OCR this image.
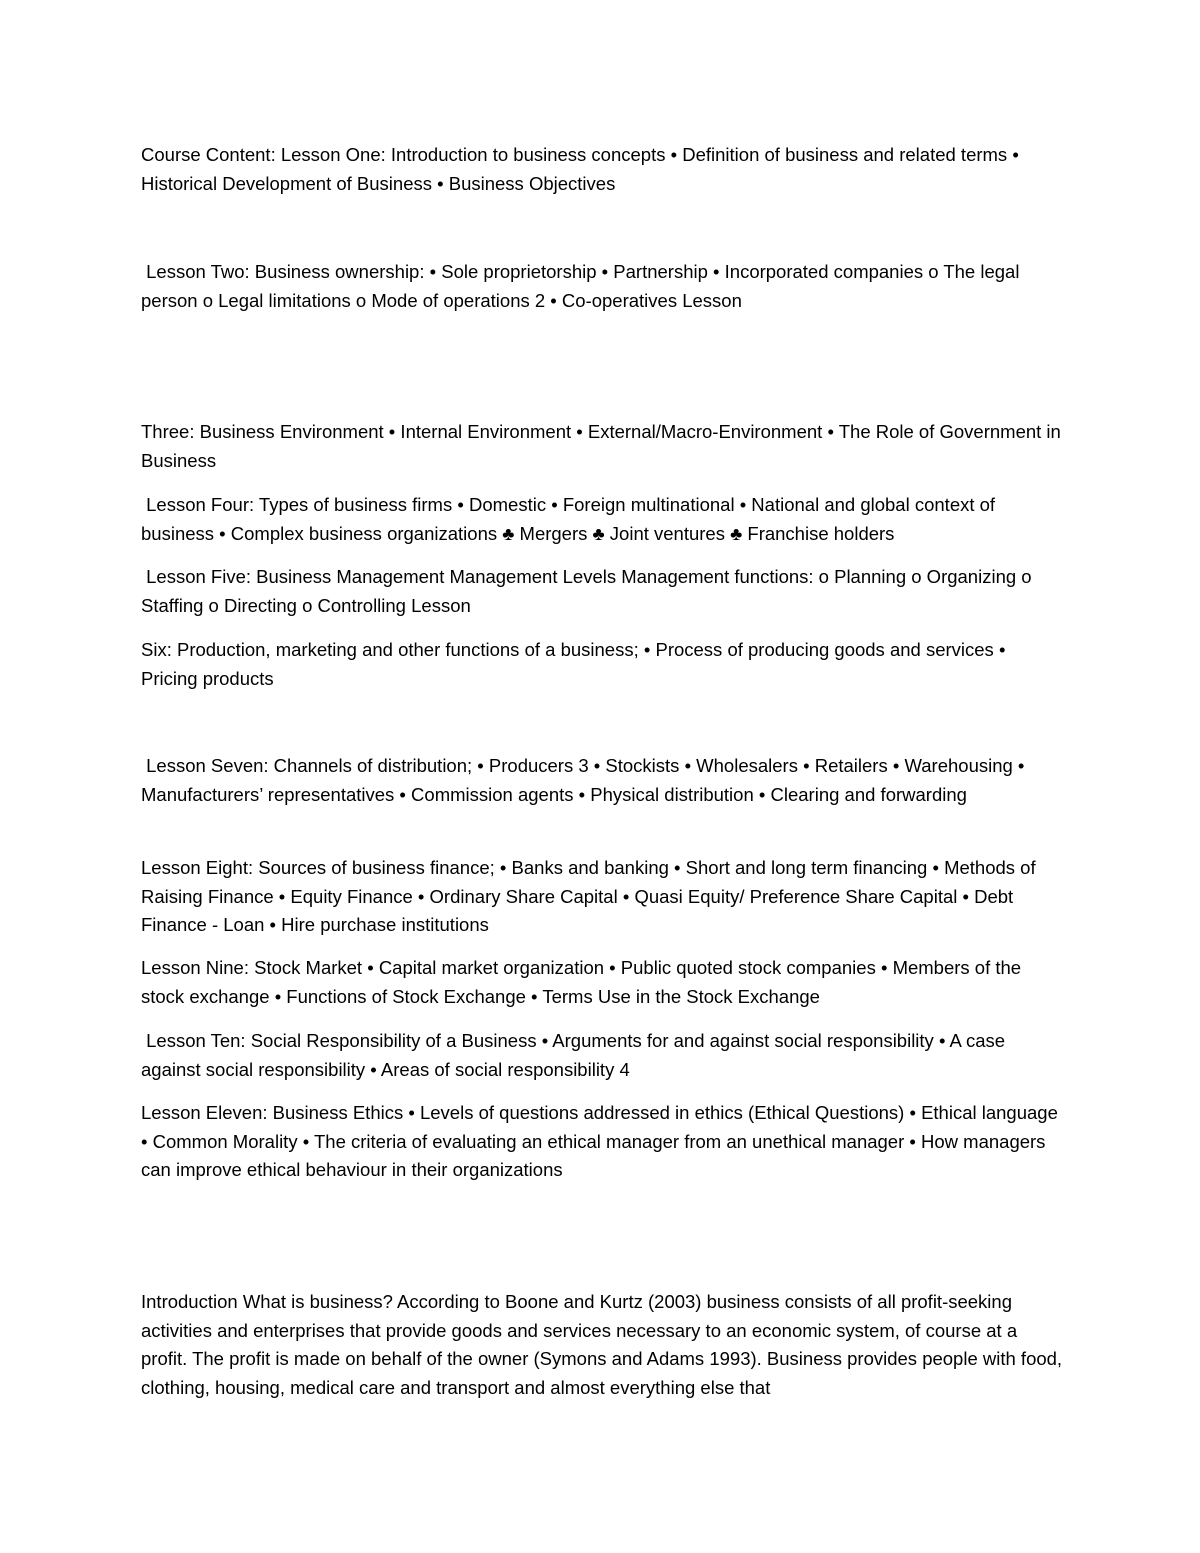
Course Content: Lesson One: Introduction to business concepts • Definition of business and related terms • Historical Development of Business • Business Objectives
Lesson Two: Business ownership: • Sole proprietorship • Partnership • Incorporated companies o The legal person o Legal limitations o Mode of operations 2 • Co-operatives Lesson
Three: Business Environment • Internal Environment • External/Macro-Environment • The Role of Government in Business
Lesson Four: Types of business firms • Domestic • Foreign multinational • National and global context of business • Complex business organizations ♣ Mergers ♣ Joint ventures ♣ Franchise holders
Lesson Five: Business Management Management Levels Management functions: o Planning o Organizing o Staffing o Directing o Controlling Lesson
Six: Production, marketing and other functions of a business; • Process of producing goods and services • Pricing products
Lesson Seven: Channels of distribution; • Producers 3 • Stockists • Wholesalers • Retailers • Warehousing • Manufacturers’ representatives • Commission agents • Physical distribution • Clearing and forwarding
Lesson Eight: Sources of business finance; • Banks and banking • Short and long term financing • Methods of Raising Finance • Equity Finance • Ordinary Share Capital • Quasi Equity/ Preference Share Capital • Debt Finance - Loan • Hire purchase institutions
Lesson Nine: Stock Market • Capital market organization • Public quoted stock companies • Members of the stock exchange • Functions of Stock Exchange • Terms Use in the Stock Exchange
Lesson Ten: Social Responsibility of a Business • Arguments for and against social responsibility • A case against social responsibility • Areas of social responsibility 4
Lesson Eleven: Business Ethics • Levels of questions addressed in ethics (Ethical Questions) • Ethical language • Common Morality • The criteria of evaluating an ethical manager from an unethical manager • How managers can improve ethical behaviour in their organizations
Introduction What is business? According to Boone and Kurtz (2003) business consists of all profit-seeking activities and enterprises that provide goods and services necessary to an economic system, of course at a profit. The profit is made on behalf of the owner (Symons and Adams 1993). Business provides people with food, clothing, housing, medical care and transport and almost everything else that
